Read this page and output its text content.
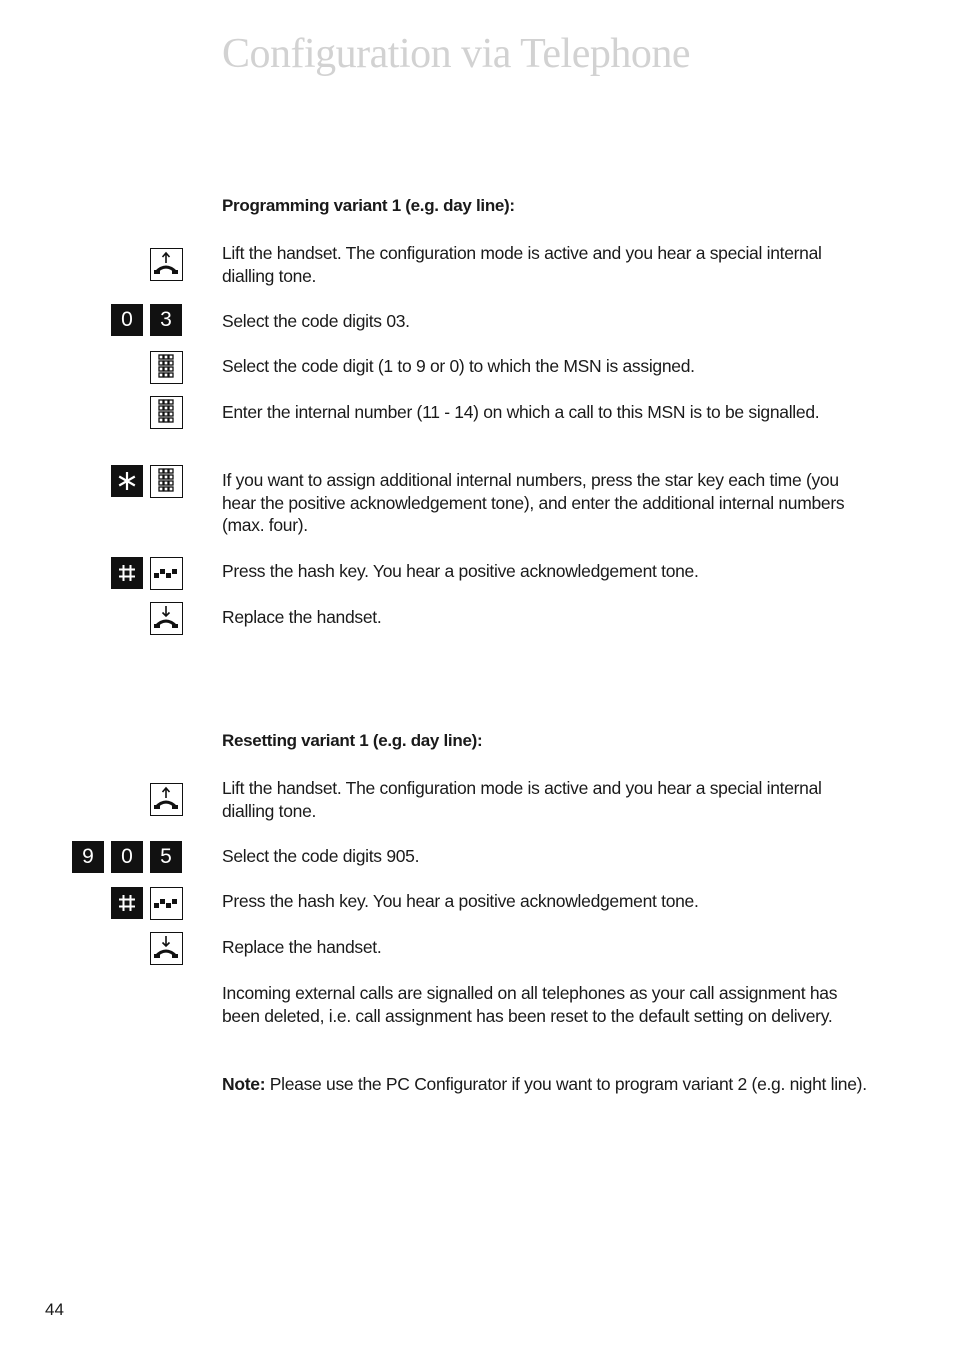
Configuration via Telephone
Programming variant 1 (e.g. day line):
Lift the handset. The configuration mode is active and you hear a special internal dialling tone.
0	3	Select the code digits 03.
Select the code digit (1 to 9 or 0) to which the MSN is assigned.
Enter the internal number (11 - 14) on which a call to this MSN is to be signalled.
If you want to assign additional internal numbers, press the star key each time (you hear the positive acknowledgement tone), and enter the additional internal numbers (max. four).
Press the hash key. You hear a positive acknowledgement tone.
Replace the handset.
Resetting variant 1 (e.g. day line):
Lift the handset. The configuration mode is active and you hear a special internal dialling tone.
9	0	5	Select the code digits 905.
Press the hash key. You hear a positive acknowledgement tone.
Replace the handset.
Incoming external calls are signalled on all telephones as your call assignment has been deleted, i.e. call assignment has been reset to the default setting on delivery.
Note: Please use the PC Configurator if you want to program variant 2 (e.g. night line).
44
